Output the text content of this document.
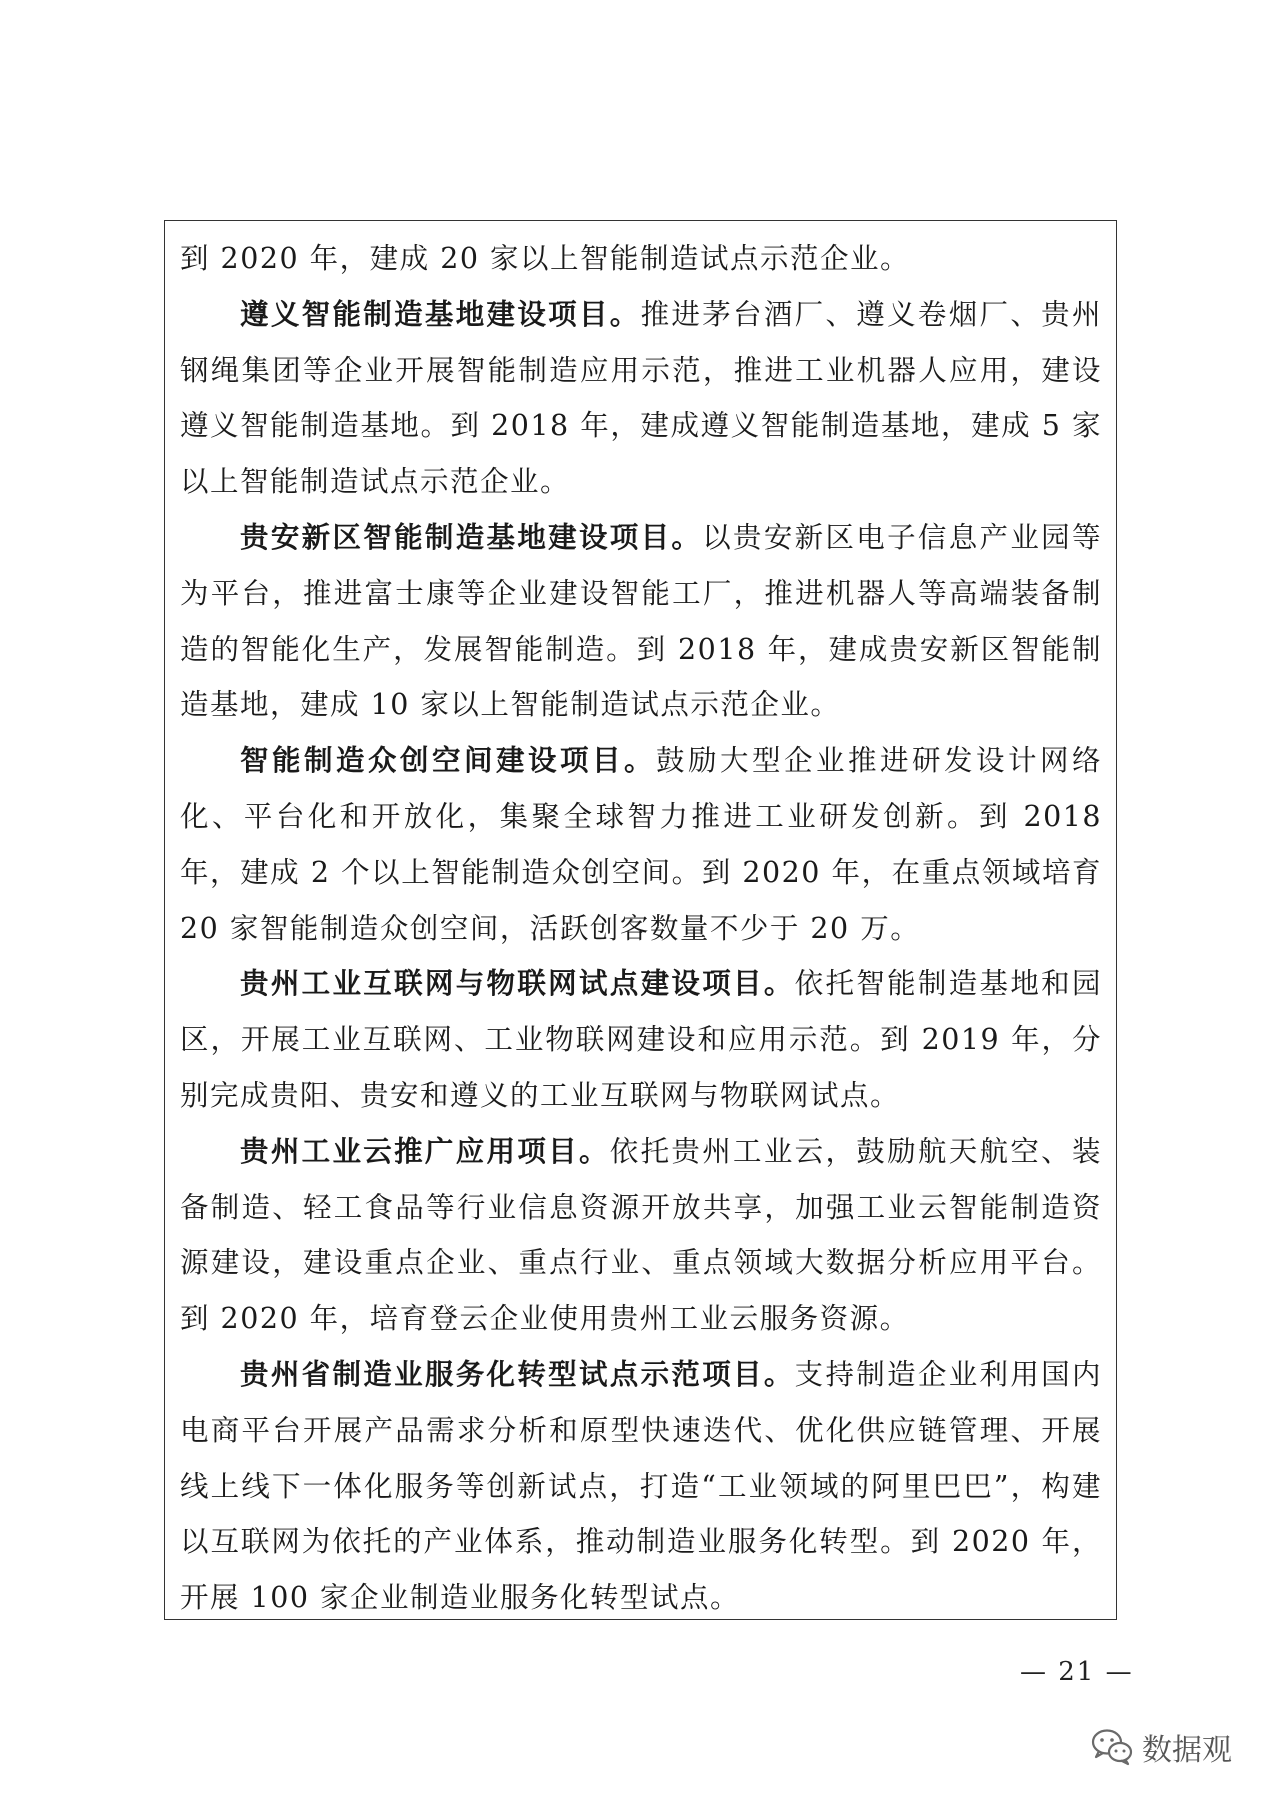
到 2020 年，建成 20 家以上智能制造试点示范企业。

遵义智能制造基地建设项目。推进茅台酒厂、遵义卷烟厂、贵州钢绳集团等企业开展智能制造应用示范，推进工业机器人应用，建设遵义智能制造基地。到 2018 年，建成遵义智能制造基地，建成 5 家以上智能制造试点示范企业。

贵安新区智能制造基地建设项目。以贵安新区电子信息产业园等为平台，推进富士康等企业建设智能工厂，推进机器人等高端装备制造的智能化生产，发展智能制造。到 2018 年，建成贵安新区智能制造基地，建成 10 家以上智能制造试点示范企业。

智能制造众创空间建设项目。鼓励大型企业推进研发设计网络化、平台化和开放化，集聚全球智力推进工业研发创新。到 2018 年，建成 2 个以上智能制造众创空间。到 2020 年，在重点领域培育 20 家智能制造众创空间，活跃创客数量不少于 20 万。

贵州工业互联网与物联网试点建设项目。依托智能制造基地和园区，开展工业互联网、工业物联网建设和应用示范。到 2019 年，分别完成贵阳、贵安和遵义的工业互联网与物联网试点。

贵州工业云推广应用项目。依托贵州工业云，鼓励航天航空、装备制造、轻工食品等行业信息资源开放共享，加强工业云智能制造资源建设，建设重点企业、重点行业、重点领域大数据分析应用平台。到 2020 年，培育登云企业使用贵州工业云服务资源。

贵州省制造业服务化转型试点示范项目。支持制造企业利用国内电商平台开展产品需求分析和原型快速迭代、优化供应链管理、开展线上线下一体化服务等创新试点，打造“工业领域的阿里巴巴”，构建以互联网为依托的产业体系，推动制造业服务化转型。到 2020 年，开展 100 家企业制造业服务化转型试点。

— 21 —
数据观
